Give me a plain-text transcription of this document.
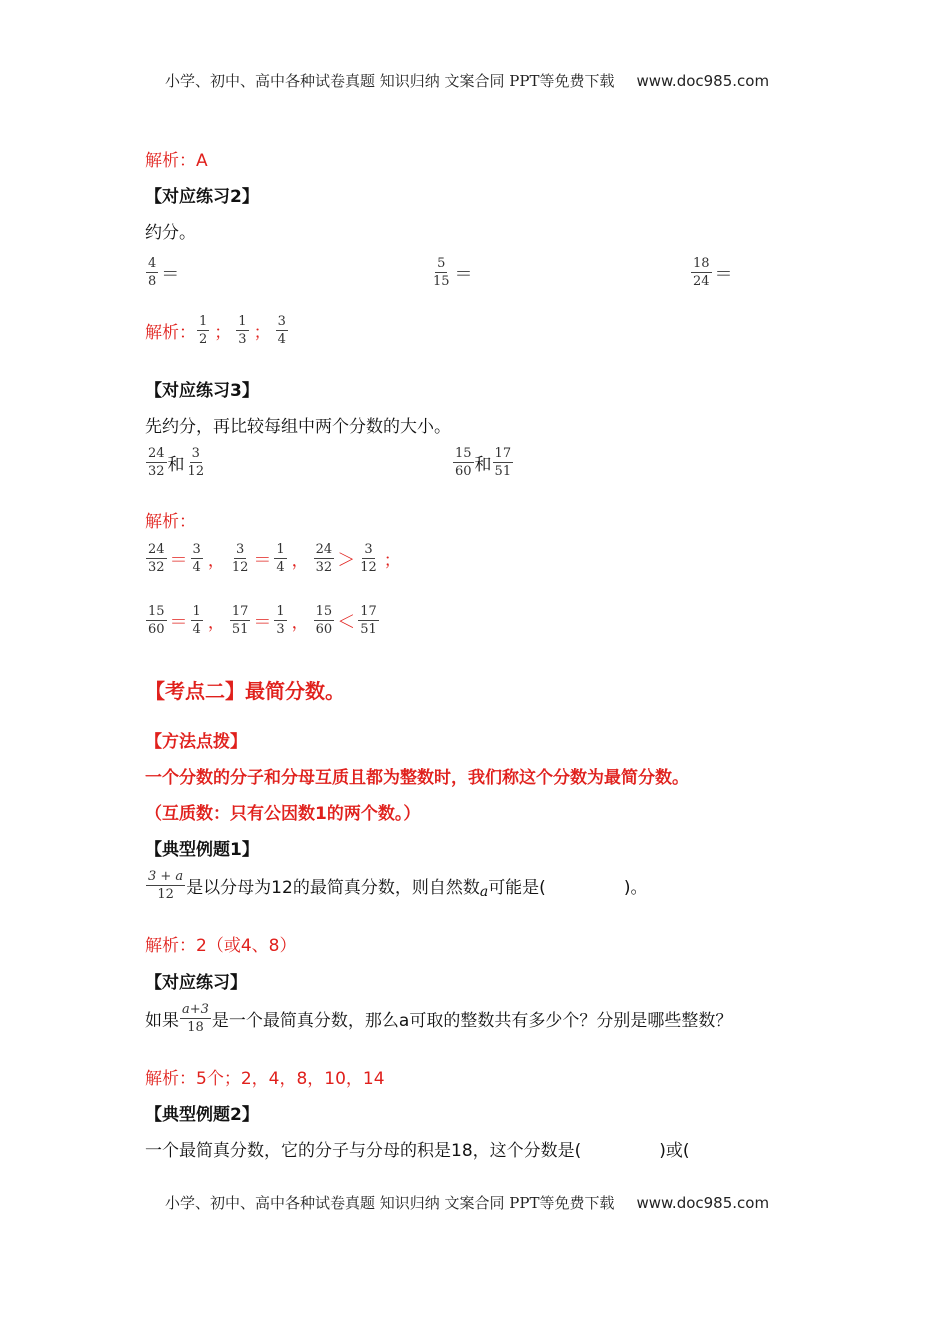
小学、初中、高中各种试卷真题 知识归纳 文案合同 PPT等免费下载 www.doc985.com
解析：A
【对应练习2】
约分。
$\frac{4}{8}$ ＝	$\frac{5}{15}$ ＝	$\frac{18}{24}$ ＝
解析： $\frac{1}{2}$ ； $\frac{1}{3}$ ； $\frac{3}{4}$
【对应练习3】
先约分，再比较每组中两个分数的大小。
$\frac{24}{32}$ 和 $\frac{3}{12}$	$\frac{15}{60}$ 和 $\frac{17}{51}$
解析：
$\frac{24}{32} = \frac{3}{4}$ ， $\frac{3}{12} = \frac{1}{4}$ ， $\frac{24}{32} > \frac{3}{12}$ ；
$\frac{15}{60} = \frac{1}{4}$ ， $\frac{17}{51} = \frac{1}{3}$ ， $\frac{15}{60} < \frac{17}{51}$
【考点二】最简分数。
【方法点拨】
一个分数的分子和分母互质且都为整数时，我们称这个分数为最简分数。
（互质数：只有公因数1的两个数。）
【典型例题1】
$\frac{3 + a}{12}$ 是以分母为12的最简真分数，则自然数$_a$可能是(	)。
解析：2（或4、8）
【对应练习】
如果 $\frac{a+3}{18}$ 是一个最简真分数，那么a可取的整数共有多少个？分别是哪些整数？
解析：5个；2，4，8，10，14
【典型例题2】
一个最简真分数，它的分子与分母的积是18，这个分数是(	)或(
小学、初中、高中各种试卷真题 知识归纳 文案合同 PPT等免费下载 www.doc985.com
